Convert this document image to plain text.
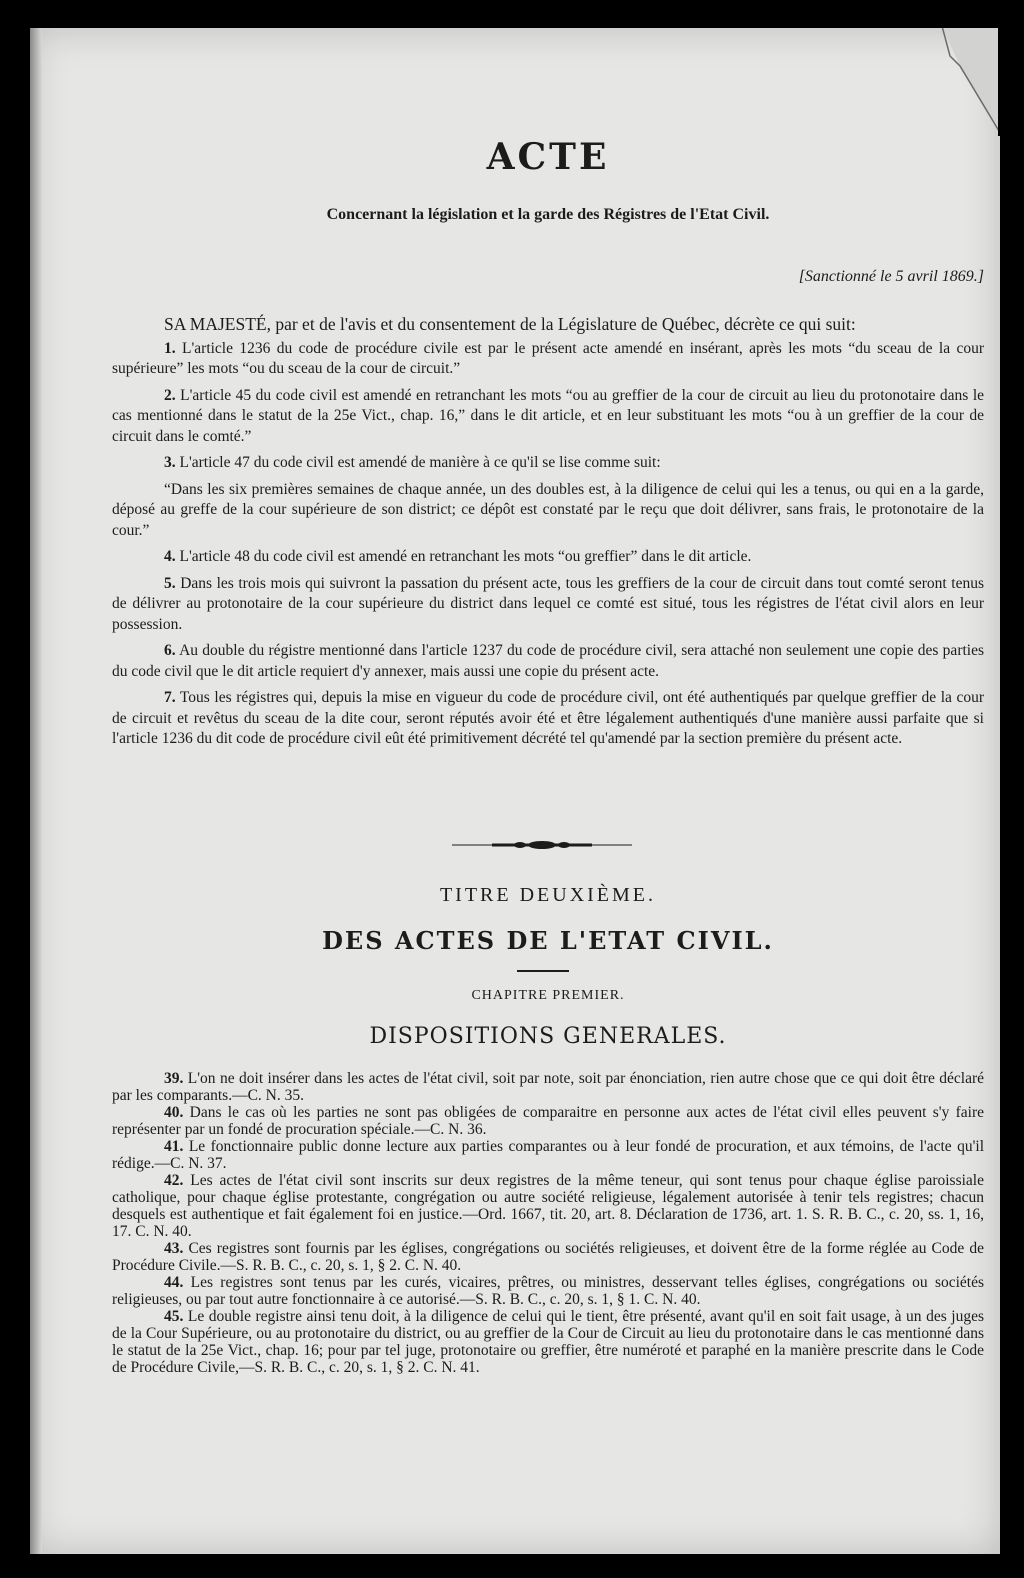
ACTE
Concernant la législation et la garde des Régistres de l'Etat Civil.
[Sanctionné le 5 avril 1869.]

SA MAJESTÉ, par et de l'avis et du consentement de la Législature de Québec, décrète ce qui suit:

1. L'article 1236 du code de procédure civile est par le présent acte amendé en insérant, après les mots “du sceau de la cour supérieure” les mots “ou du sceau de la cour de circuit.”

2. L'article 45 du code civil est amendé en retranchant les mots “ou au greffier de la cour de circuit au lieu du protonotaire dans le cas mentionné dans le statut de la 25e Vict., chap. 16,” dans le dit article, et en leur substituant les mots “ou à un greffier de la cour de circuit dans le comté.”

3. L'article 47 du code civil est amendé de manière à ce qu'il se lise comme suit:

“Dans les six premières semaines de chaque année, un des doubles est, à la diligence de celui qui les a tenus, ou qui en a la garde, déposé au greffe de la cour supérieure de son district; ce dépôt est constaté par le reçu que doit délivrer, sans frais, le protonotaire de la cour.”

4. L'article 48 du code civil est amendé en retranchant les mots “ou greffier” dans le dit article.

5. Dans les trois mois qui suivront la passation du présent acte, tous les greffiers de la cour de circuit dans tout comté seront tenus de délivrer au protonotaire de la cour supérieure du district dans lequel ce comté est situé, tous les régistres de l'état civil alors en leur possession.

6. Au double du régistre mentionné dans l'article 1237 du code de procédure civil, sera attaché non seulement une copie des parties du code civil que le dit article requiert d'y annexer, mais aussi une copie du présent acte.

7. Tous les régistres qui, depuis la mise en vigueur du code de procédure civil, ont été authentiqués par quelque greffier de la cour de circuit et revêtus du sceau de la dite cour, seront réputés avoir été et être légalement authentiqués d'une manière aussi parfaite que si l'article 1236 du dit code de procédure civil eût été primitivement décrété tel qu'amendé par la section première du présent acte.

TITRE DEUXIÈME.
DES ACTES DE L'ETAT CIVIL.
CHAPITRE PREMIER.
DISPOSITIONS GENERALES.

39. L'on ne doit insérer dans les actes de l'état civil, soit par note, soit par énonciation, rien autre chose que ce qui doit être déclaré par les comparants.—C. N. 35.

40. Dans le cas où les parties ne sont pas obligées de comparaitre en personne aux actes de l'état civil elles peuvent s'y faire représenter par un fondé de procuration spéciale.—C. N. 36.

41. Le fonctionnaire public donne lecture aux parties comparantes ou à leur fondé de procuration, et aux témoins, de l'acte qu'il rédige.—C. N. 37.

42. Les actes de l'état civil sont inscrits sur deux registres de la même teneur, qui sont tenus pour chaque église paroissiale catholique, pour chaque église protestante, congrégation ou autre société religieuse, légalement autorisée à tenir tels registres; chacun desquels est authentique et fait également foi en justice.—Ord. 1667, tit. 20, art. 8. Déclaration de 1736, art. 1. S. R. B. C., c. 20, ss. 1, 16, 17. C. N. 40.

43. Ces registres sont fournis par les églises, congrégations ou sociétés religieuses, et doivent être de la forme réglée au Code de Procédure Civile.—S. R. B. C., c. 20, s. 1, § 2. C. N. 40.

44. Les registres sont tenus par les curés, vicaires, prêtres, ou ministres, desservant telles églises, congrégations ou sociétés religieuses, ou par tout autre fonctionnaire à ce autorisé.—S. R. B. C., c. 20, s. 1, § 1. C. N. 40.

45. Le double registre ainsi tenu doit, à la diligence de celui qui le tient, être présenté, avant qu'il en soit fait usage, à un des juges de la Cour Supérieure, ou au protonotaire du district, ou au greffier de la Cour de Circuit au lieu du protonotaire dans le cas mentionné dans le statut de la 25e Vict., chap. 16; pour par tel juge, protonotaire ou greffier, être numéroté et paraphé en la manière prescrite dans le Code de Procédure Civile,—S. R. B. C., c. 20, s. 1, § 2. C. N. 41.
